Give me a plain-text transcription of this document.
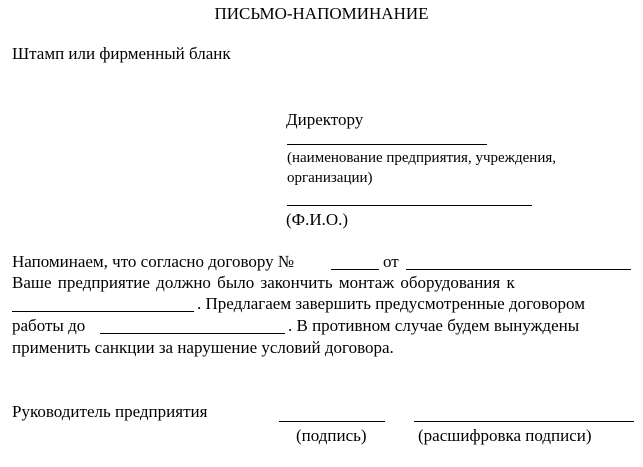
ПИСЬМО-НАПОМИНАНИЕ
Штамп или фирменный бланк
Директору
(наименование предприятия, учреждения,
организации)
(Ф.И.О.)
Напоминаем, что согласно договору №	от
Ваше предприятие должно было закончить монтаж оборудования к
. Предлагаем завершить предусмотренные договором
работы до	. В противном случае будем вынуждены
применить санкции за нарушение условий договора.
Руководитель предприятия
(подпись)	(расшифровка подписи)
